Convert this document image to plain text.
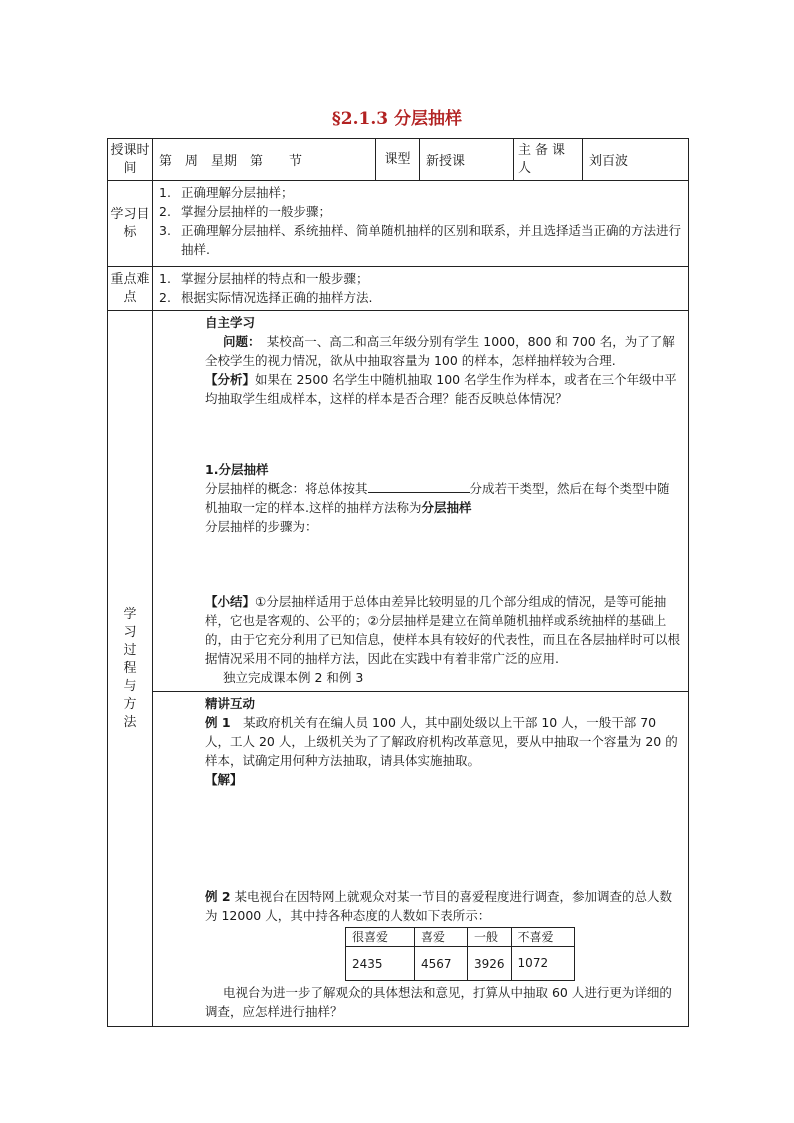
§2.1.3 分层抽样
授课时间	第　周　星期　第　　节	课型	新授课	主备课人	刘百波
学习目标	
1. 正确理解分层抽样；
2. 掌握分层抽样的一般步骤；
3. 正确理解分层抽样、系统抽样、简单随机抽样的区别和联系，并且选择适当正确的方法进行抽样.

重点难点	
1. 掌握分层抽样的特点和一般步骤；
2. 根据实际情况选择正确的抽样方法.

学习过程与方法	

自主学习

问题：　 某校高一、高二和高三年级分别有学生 1000，800 和 700 名，为了了解全校学生的视力情况，欲从中抽取容量为 100 的样本，怎样抽样较为合理.

【分析】如果在 2500 名学生中随机抽取 100 名学生作为样本，或者在三个年级中平均抽取学生组成样本，这样的样本是否合理？能否反映总体情况？

1.分层抽样

分层抽样的概念：将总体按其	分成若干类型，然后在每个类型中随机抽取一定的样本.这样的抽样方法称为分层抽样

分层抽样的步骤为：

【小结】①分层抽样适用于总体由差异比较明显的几个部分组成的情况，是等可能抽样，它也是客观的、公平的；②分层抽样是建立在简单随机抽样或系统抽样的基础上的，由于它充分利用了已知信息，使样本具有较好的代表性，而且在各层抽样时可以根据情况采用不同的抽样方法，因此在实践中有着非常广泛的应用.

独立完成课本例 2 和例 3

精讲互动

例 1　 某政府机关有在编人员 100 人，其中副处级以上干部 10 人，一般干部 70 人，工人 20 人，上级机关为了了解政府机构改革意见，要从中抽取一个容量为 20 的样本，试确定用何种方法抽取，请具体实施抽取。

【解】

例 2 某电视台在因特网上就观众对某一节目的喜爱程度进行调查，参加调查的总人数为 12000 人，其中持各种态度的人数如下表所示：

很喜爱	喜爱	一般	不喜爱
2435	4567	3926	1072

电视台为进一步了解观众的具体想法和意见，打算从中抽取 60 人进行更为详细的调查，应怎样进行抽样？
